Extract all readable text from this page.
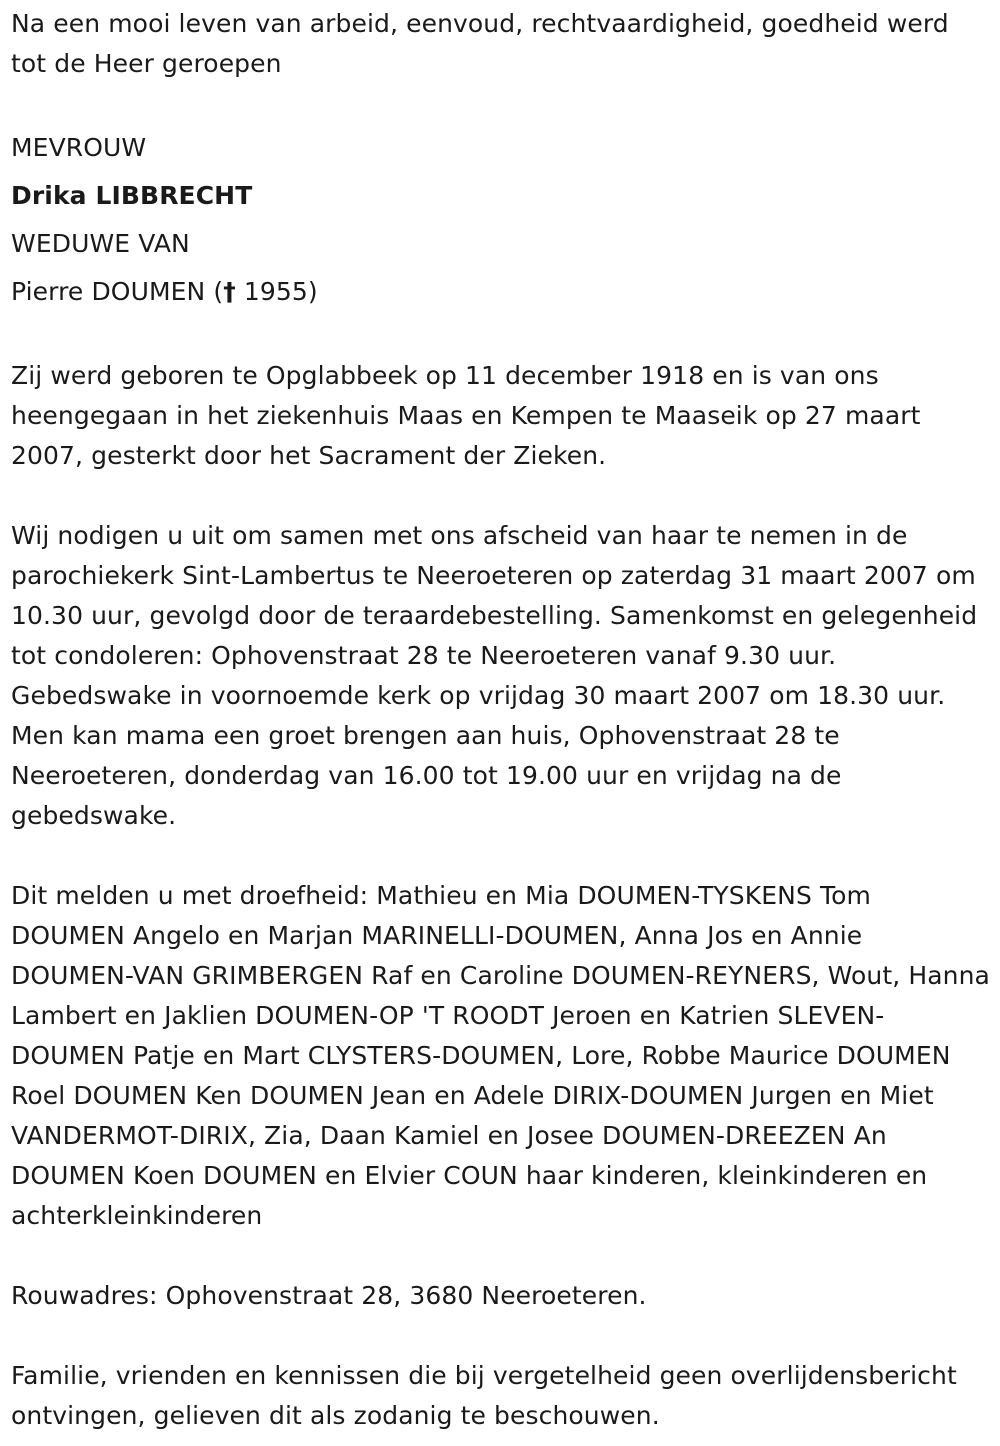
Na een mooi leven van arbeid, eenvoud, rechtvaardigheid, goedheid werd tot de Heer geroepen

MEVROUW

Drika LIBBRECHT

WEDUWE VAN

Pierre DOUMEN († 1955)

Zij werd geboren te Opglabbeek op 11 december 1918 en is van ons heengegaan in het ziekenhuis Maas en Kempen te Maaseik op 27 maart 2007, gesterkt door het Sacrament der Zieken.

Wij nodigen u uit om samen met ons afscheid van haar te nemen in de parochiekerk Sint-Lambertus te Neeroeteren op zaterdag 31 maart 2007 om 10.30 uur, gevolgd door de teraardebestelling. Samenkomst en gelegenheid tot condoleren: Ophovenstraat 28 te Neeroeteren vanaf 9.30 uur. Gebedswake in voornoemde kerk op vrijdag 30 maart 2007 om 18.30 uur. Men kan mama een groet brengen aan huis, Ophovenstraat 28 te Neeroeteren, donderdag van 16.00 tot 19.00 uur en vrijdag na de gebedswake.

Dit melden u met droefheid: Mathieu en Mia DOUMEN-TYSKENS Tom DOUMEN Angelo en Marjan MARINELLI-DOUMEN, Anna Jos en Annie DOUMEN-VAN GRIMBERGEN Raf en Caroline DOUMEN-REYNERS, Wout, Hanna Lambert en Jaklien DOUMEN-OP 'T ROODT Jeroen en Katrien SLEVEN-DOUMEN Patje en Mart CLYSTERS-DOUMEN, Lore, Robbe Maurice DOUMEN Roel DOUMEN Ken DOUMEN Jean en Adele DIRIX-DOUMEN Jurgen en Miet VANDERMOT-DIRIX, Zia, Daan Kamiel en Josee DOUMEN-DREEZEN An DOUMEN Koen DOUMEN en Elvier COUN haar kinderen, kleinkinderen en achterkleinkinderen

Rouwadres: Ophovenstraat 28, 3680 Neeroeteren.

Familie, vrienden en kennissen die bij vergetelheid geen overlijdensbericht ontvingen, gelieven dit als zodanig te beschouwen.
